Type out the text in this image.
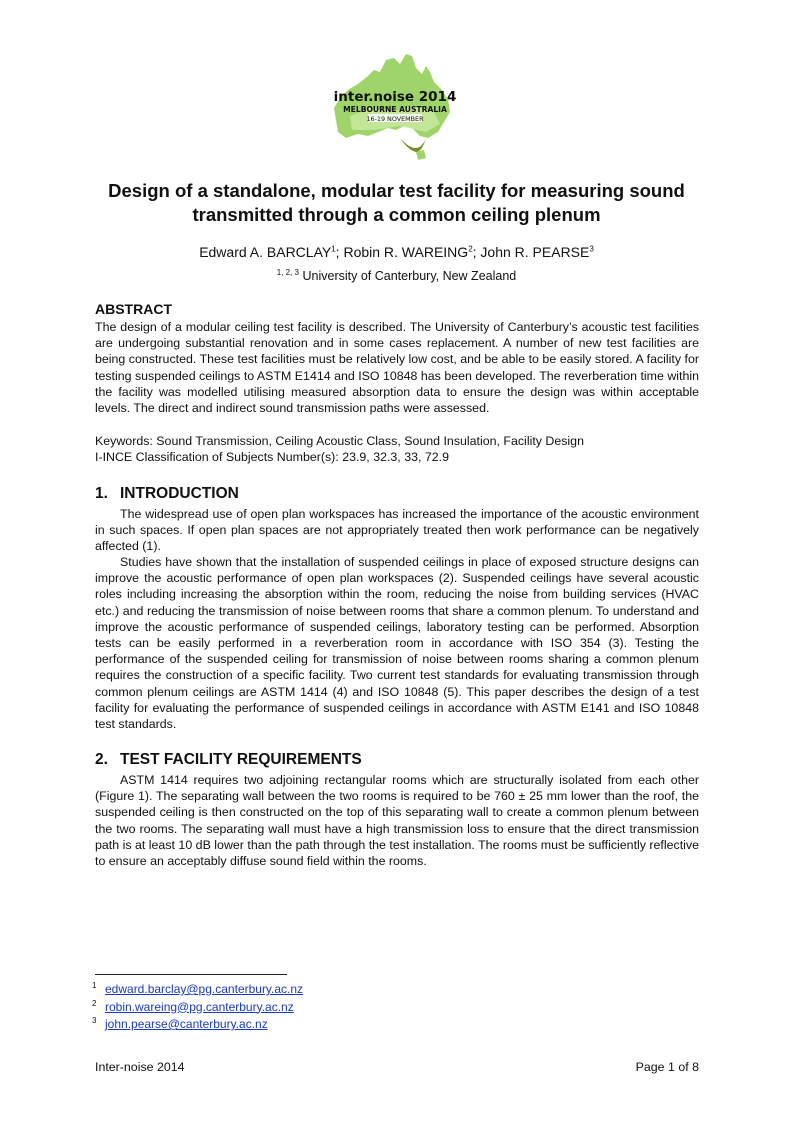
inter.noise 2014
MELBOURNE AUSTRALIA
16-19 NOVEMBER
Design of a standalone, modular test facility for measuring sound transmitted through a common ceiling plenum
Edward A. BARCLAY$^1$; Robin R. WAREING$^2$; John R. PEARSE$^3$
$^{1, 2, 3}$ University of Canterbury, New Zealand
ABSTRACT

The design of a modular ceiling test facility is described. The University of Canterbury’s acoustic test facilities are undergoing substantial renovation and in some cases replacement. A number of new test facilities are being constructed. These test facilities must be relatively low cost, and be able to be easily stored. A facility for testing suspended ceilings to ASTM E1414 and ISO 10848 has been developed. The reverberation time within the facility was modelled utilising measured absorption data to ensure the design was within acceptable levels. The direct and indirect sound transmission paths were assessed.

Keywords: Sound Transmission, Ceiling Acoustic Class, Sound Insulation, Facility Design
I-INCE Classification of Subjects Number(s): 23.9, 32.3, 33, 72.9
1. INTRODUCTION

The widespread use of open plan workspaces has increased the importance of the acoustic environment in such spaces. If open plan spaces are not appropriately treated then work performance can be negatively affected (1).

Studies have shown that the installation of suspended ceilings in place of exposed structure designs can improve the acoustic performance of open plan workspaces (2). Suspended ceilings have several acoustic roles including increasing the absorption within the room, reducing the noise from building services (HVAC etc.) and reducing the transmission of noise between rooms that share a common plenum. To understand and improve the acoustic performance of suspended ceilings, laboratory testing can be performed. Absorption tests can be easily performed in a reverberation room in accordance with ISO 354 (3). Testing the performance of the suspended ceiling for transmission of noise between rooms sharing a common plenum requires the construction of a specific facility. Two current test standards for evaluating transmission through common plenum ceilings are ASTM 1414 (4) and ISO 10848 (5). This paper describes the design of a test facility for evaluating the performance of suspended ceilings in accordance with ASTM E141 and ISO 10848 test standards.

2. TEST FACILITY REQUIREMENTS

ASTM 1414 requires two adjoining rectangular rooms which are structurally isolated from each other (Figure 1). The separating wall between the two rooms is required to be 760 ± 25 mm lower than the roof, the suspended ceiling is then constructed on the top of this separating wall to create a common plenum between the two rooms. The separating wall must have a high transmission loss to ensure that the direct transmission path is at least 10 dB lower than the path through the test installation. The rooms must be sufficiently reflective to ensure an acceptably diffuse sound field within the rooms.

$^1$ edward.barclay@pg.canterbury.ac.nz
$^2$ robin.wareing@pg.canterbury.ac.nz
$^3$ john.pearse@canterbury.ac.nz
Inter-noise 2014	Page 1 of 8
